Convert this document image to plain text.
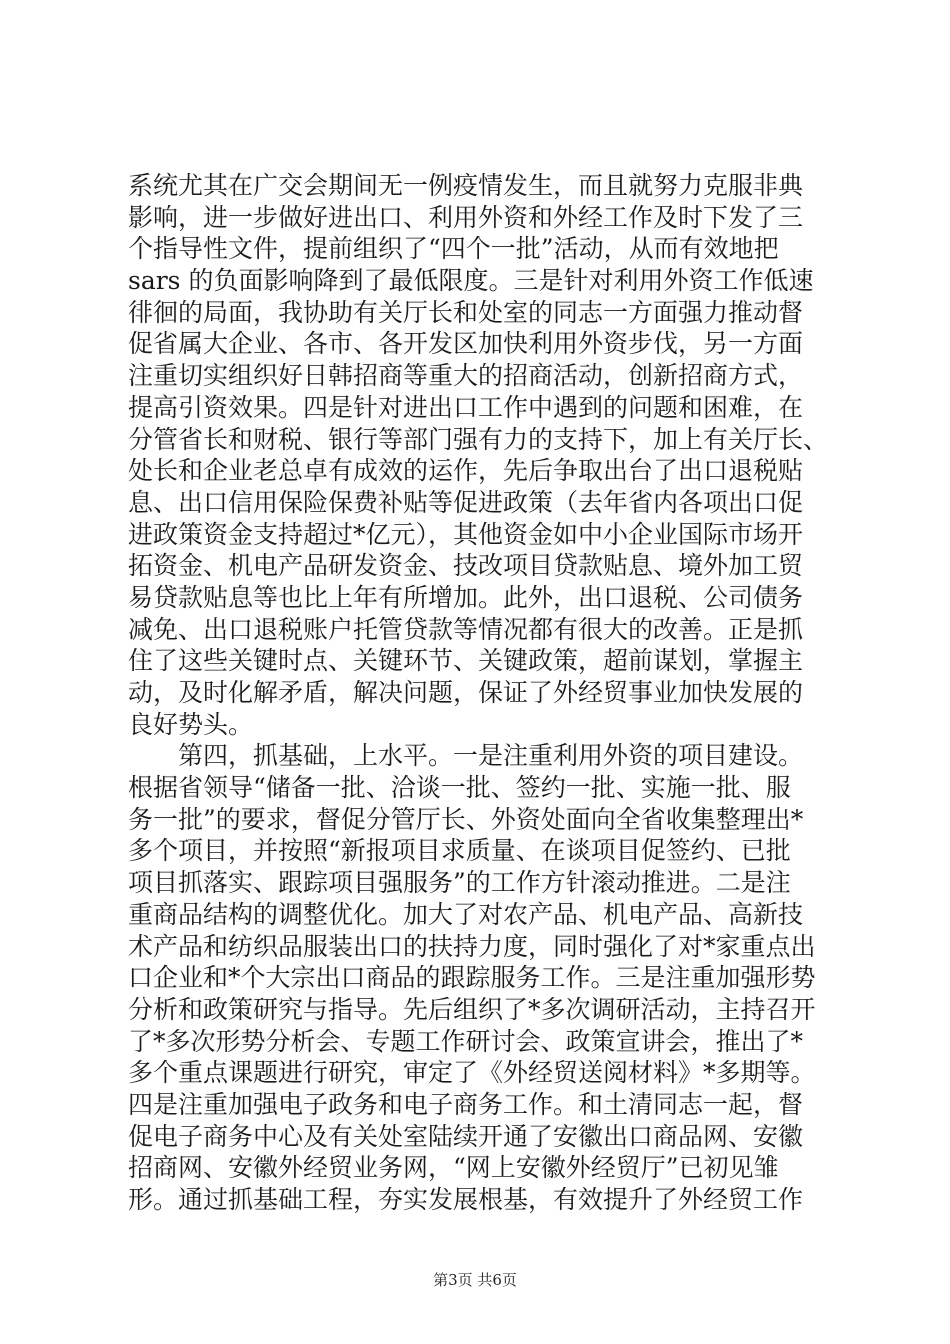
系统尤其在广交会期间无一例疫情发生，而且就努力克服非典
影响，进一步做好进出口、利用外资和外经工作及时下发了三
个指导性文件，提前组织了“四个一批”活动，从而有效地把
sars 的负面影响降到了最低限度。三是针对利用外资工作低速
徘徊的局面，我协助有关厅长和处室的同志一方面强力推动督
促省属大企业、各市、各开发区加快利用外资步伐，另一方面
注重切实组织好日韩招商等重大的招商活动，创新招商方式，
提高引资效果。四是针对进出口工作中遇到的问题和困难，在
分管省长和财税、银行等部门强有力的支持下，加上有关厅长、
处长和企业老总卓有成效的运作，先后争取出台了出口退税贴
息、出口信用保险保费补贴等促进政策（去年省内各项出口促
进政策资金支持超过*亿元），其他资金如中小企业国际市场开
拓资金、机电产品研发资金、技改项目贷款贴息、境外加工贸
易贷款贴息等也比上年有所增加。此外，出口退税、公司债务
减免、出口退税账户托管贷款等情况都有很大的改善。正是抓
住了这些关键时点、关键环节、关键政策，超前谋划，掌握主
动，及时化解矛盾，解决问题，保证了外经贸事业加快发展的
良好势头。
　　第四，抓基础，上水平。一是注重利用外资的项目建设。
根据省领导“储备一批、洽谈一批、签约一批、实施一批、服
务一批”的要求，督促分管厅长、外资处面向全省收集整理出*
多个项目，并按照“新报项目求质量、在谈项目促签约、已批
项目抓落实、跟踪项目强服务”的工作方针滚动推进。二是注
重商品结构的调整优化。加大了对农产品、机电产品、高新技
术产品和纺织品服装出口的扶持力度，同时强化了对*家重点出
口企业和*个大宗出口商品的跟踪服务工作。三是注重加强形势
分析和政策研究与指导。先后组织了*多次调研活动，主持召开
了*多次形势分析会、专题工作研讨会、政策宣讲会，推出了*
多个重点课题进行研究，审定了《外经贸送阅材料》*多期等。
四是注重加强电子政务和电子商务工作。和土清同志一起，督
促电子商务中心及有关处室陆续开通了安徽出口商品网、安徽
招商网、安徽外经贸业务网，“网上安徽外经贸厅”已初见雏
形。通过抓基础工程，夯实发展根基，有效提升了外经贸工作
第3页 共6页
